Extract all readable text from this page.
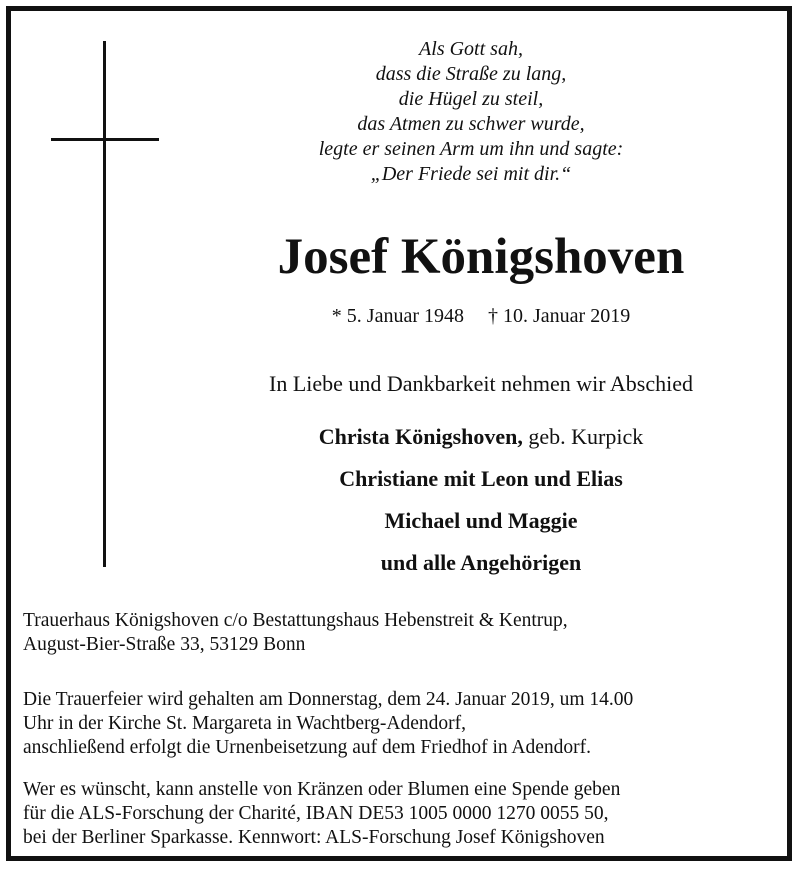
Als Gott sah,
dass die Straße zu lang,
die Hügel zu steil,
das Atmen zu schwer wurde,
legte er seinen Arm um ihn und sagte:
„Der Friede sei mit dir.“
Josef Königshoven
* 5. Januar 1948 † 10. Januar 2019
In Liebe und Dankbarkeit nehmen wir Abschied
Christa Königshoven, geb. Kurpick
Christiane mit Leon und Elias
Michael und Maggie
und alle Angehörigen
Trauerhaus Königshoven c/o Bestattungshaus Hebenstreit & Kentrup,
August-Bier-Straße 33, 53129 Bonn
Die Trauerfeier wird gehalten am Donnerstag, dem 24. Januar 2019, um 14.00
Uhr in der Kirche St. Margareta in Wachtberg-Adendorf,
anschließend erfolgt die Urnenbeisetzung auf dem Friedhof in Adendorf.
Wer es wünscht, kann anstelle von Kränzen oder Blumen eine Spende geben
für die ALS-Forschung der Charité, IBAN DE53 1005 0000 1270 0055 50,
bei der Berliner Sparkasse. Kennwort: ALS-Forschung Josef Königshoven
